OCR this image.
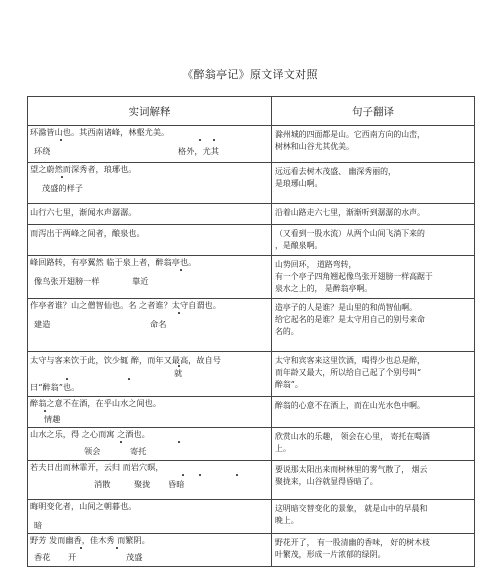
《醉翁亭记》原文译文对照
实词解释	句子翻译

环滁皆山也。其西南诸峰，林壑尤美。
环绕 格外，尤其	滁州城的四面都是山。它西南方向的山峦，
树林和山谷尤其优美。

望之蔚然而深秀者，琅琊也。
茂盛的样子	远远看去树木茂盛、 幽深秀丽的，
是琅琊山啊。

山行六七里，渐闻水声潺潺。	沿着山路走六七里，渐渐听到潺潺的水声。

而泻出于两峰之间者，酿泉也。	（又看到一股水流）从两个山间飞淌下来的
，是酿泉啊。

峰回路转，有亭翼然 临于泉上者，醉翁亭也。
像鸟张开翅膀一样 靠近	山势回环， 道路弯转，
有一个亭子四角翘起像鸟张开翅膀一样高踞于
泉水之上的， 是醉翁亭啊。

作亭者谁？山之僧智仙也。名 之者谁？太守自谓也。
建造 命名	造亭子的人是谁？是山里的和尚智仙啊。
给它起名的是谁？是太守用自己的别号来命
名的。

太守与客来饮于此，饮少辄 醉，而年又最高，故自号
就
曰“醉翁”也。	太守和宾客来这里饮酒，喝得少也总是醉，
而年龄又最大，所以给自己起了个别号叫“
醉翁”。

醉翁之意不在酒，在乎山水之间也。
情趣	醉翁的心意不在酒上，而在山光水色中啊。

山水之乐，得 之心而寓 之酒也。
领会 寄托	欣赏山水的乐趣， 领会在心里， 寄托在喝酒
上。

若夫日出而林霏开，云归 而岩穴暝，
消散 聚拢 昏暗	要说那太阳出来而树林里的雾气散了， 烟云
聚拢来，山谷就显得昏暗了。

晦明变化者，山间之朝暮也。
暗	这明暗交替变化的景象， 就是山中的早晨和
晚上。

野芳 发而幽香，佳木秀 而繁阴。
香花 开 茂盛	野花开了， 有一股清幽的香味， 好的树木枝
叶繁茂，形成一片浓郁的绿阴。
